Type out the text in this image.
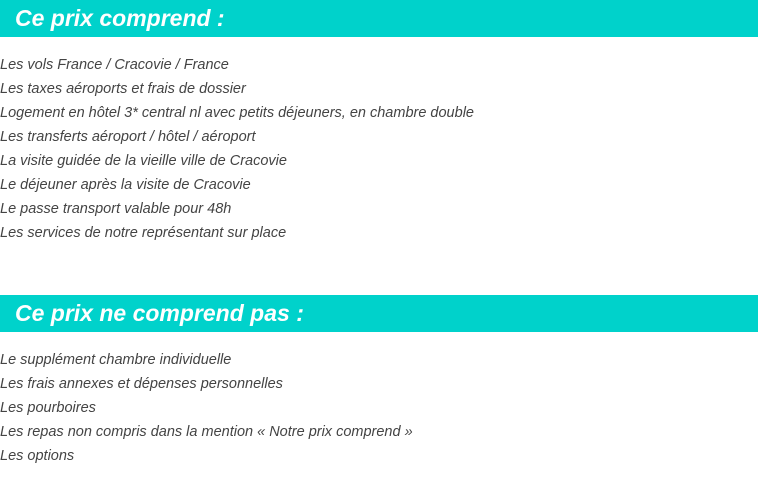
Ce prix comprend :
Les vols France / Cracovie / France
Les taxes aéroports et frais de dossier
Logement en hôtel 3* central nl avec petits déjeuners, en chambre double
Les transferts aéroport / hôtel / aéroport
La visite guidée de la vieille ville de Cracovie
Le déjeuner après la visite de Cracovie
Le passe transport valable pour 48h
Les services de notre représentant sur place
Ce prix ne comprend pas :
Le supplément chambre individuelle
Les frais annexes et dépenses personnelles
Les pourboires
Les repas non compris dans la mention « Notre prix comprend »
Les options
